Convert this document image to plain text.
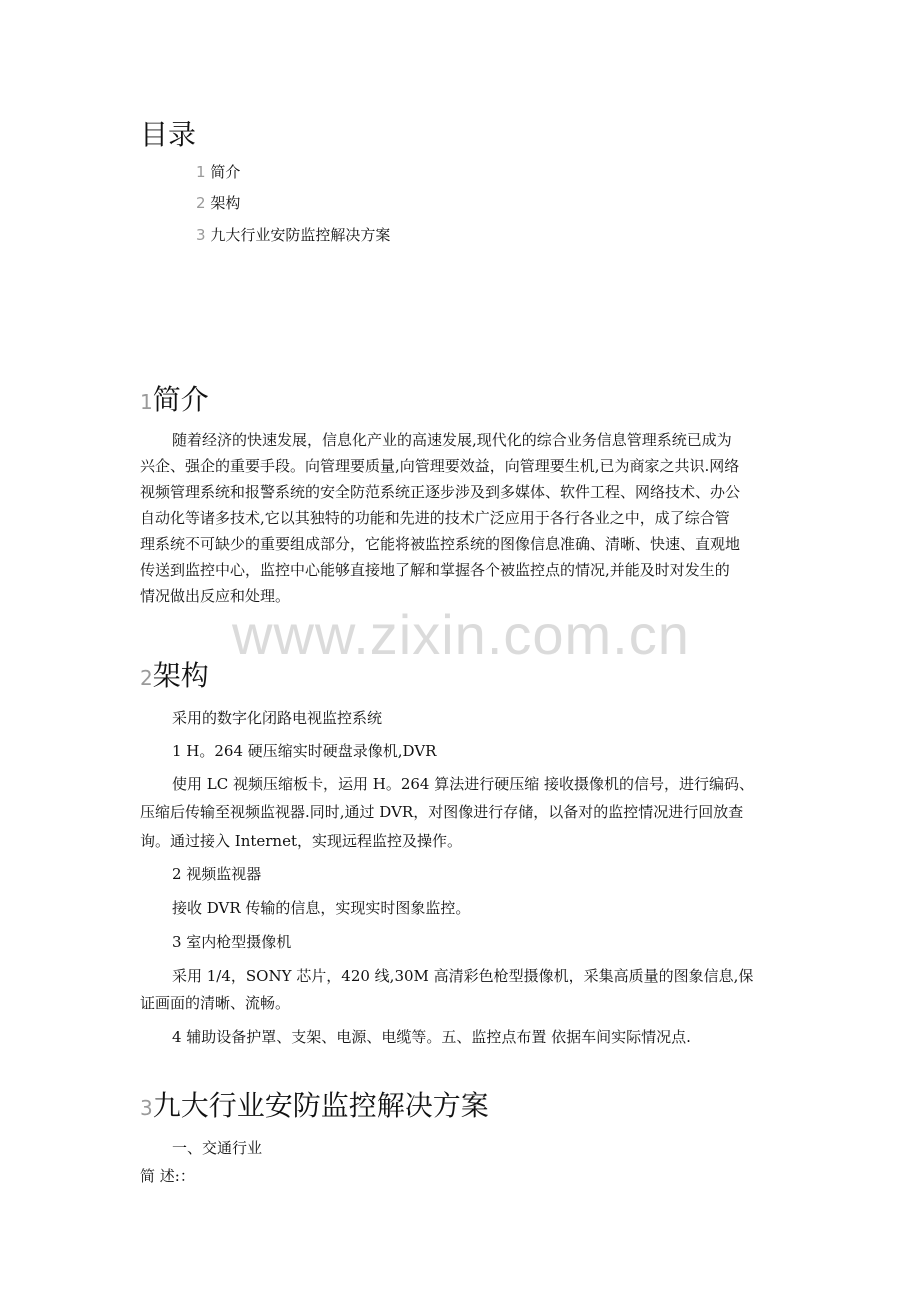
目录
1 简介
2 架构
3 九大行业安防监控解决方案
1简介
随着经济的快速发展，信息化产业的高速发展,现代化的综合业务信息管理系统已成为
兴企、强企的重要手段。向管理要质量,向管理要效益，向管理要生机,已为商家之共识.网络
视频管理系统和报警系统的安全防范系统正逐步涉及到多媒体、软件工程、网络技术、办公
自动化等诸多技术,它以其独特的功能和先进的技术广泛应用于各行各业之中，成了综合管
理系统不可缺少的重要组成部分，它能将被监控系统的图像信息准确、清晰、快速、直观地
传送到监控中心，监控中心能够直接地了解和掌握各个被监控点的情况,并能及时对发生的
情况做出反应和处理。
www.zixin.com.cn
2架构
采用的数字化闭路电视监控系统
1 H。264 硬压缩实时硬盘录像机,DVR
使用 LC 视频压缩板卡，运用 H。264 算法进行硬压缩 接收摄像机的信号，进行编码、
压缩后传输至视频监视器.同时,通过 DVR，对图像进行存储，以备对的监控情况进行回放查
询。通过接入 Internet，实现远程监控及操作。
2 视频监视器
接收 DVR 传输的信息，实现实时图象监控。
3 室内枪型摄像机
采用 1/4，SONY 芯片，420 线,30M 高清彩色枪型摄像机，采集高质量的图象信息,保
证画面的清晰、流畅。
4 辅助设备护罩、支架、电源、电缆等。五、监控点布置 依据车间实际情况点.
3九大行业安防监控解决方案
一、交通行业
简 述:：
